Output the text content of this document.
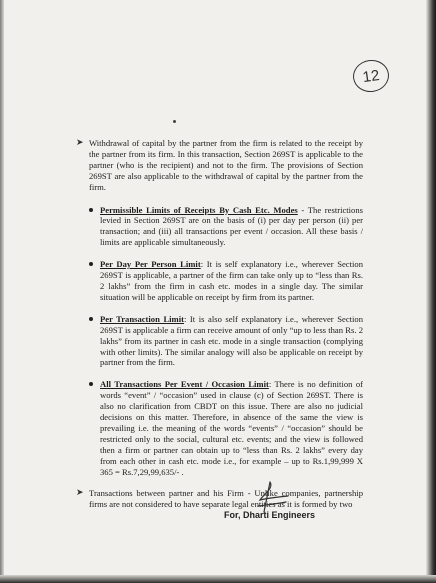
12

➤ Withdrawal of capital by the partner from the firm is related to the receipt by the partner from its firm. In this transaction, Section 269ST is applicable to the partner (who is the recipient) and not to the firm. The provisions of Section 269ST are also applicable to the withdrawal of capital by the partner from the firm.

Permissible Limits of Receipts By Cash Etc. Modes - The restrictions levied in Section 269ST are on the basis of (i) per day per person (ii) per transaction; and (iii) all transactions per event / occasion. All these basis / limits are applicable simultaneously.
Per Day Per Person Limit: It is self explanatory i.e., wherever Section 269ST is applicable, a partner of the firm can take only up to “less than Rs. 2 lakhs” from the firm in cash etc. modes in a single day. The similar situation will be applicable on receipt by firm from its partner.
Per Transaction Limit: It is also self explanatory i.e., wherever Section 269ST is applicable a firm can receive amount of only “up to less than Rs. 2 lakhs” from its partner in cash etc. mode in a single transaction (complying with other limits). The similar analogy will also be applicable on receipt by partner from the firm.
All Transactions Per Event / Occasion Limit: There is no definition of words “event” / “occasion” used in clause (c) of Section 269ST. There is also no clarification from CBDT on this issue. There are also no judicial decisions on this matter. Therefore, in absence of the same the view is prevailing i.e. the meaning of the words “events” / “occasion” should be restricted only to the social, cultural etc. events; and the view is followed then a firm or partner can obtain up to “less than Rs. 2 lakhs” every day from each other in cash etc. mode i.e., for example – up to Rs.1,99,999 X 365 = Rs.7,29,99,635/- .

➤ Transactions between partner and his Firm - Unlike companies, partnership firms are not considered to have separate legal entities as it is formed by two

For, Dharti Engineers
